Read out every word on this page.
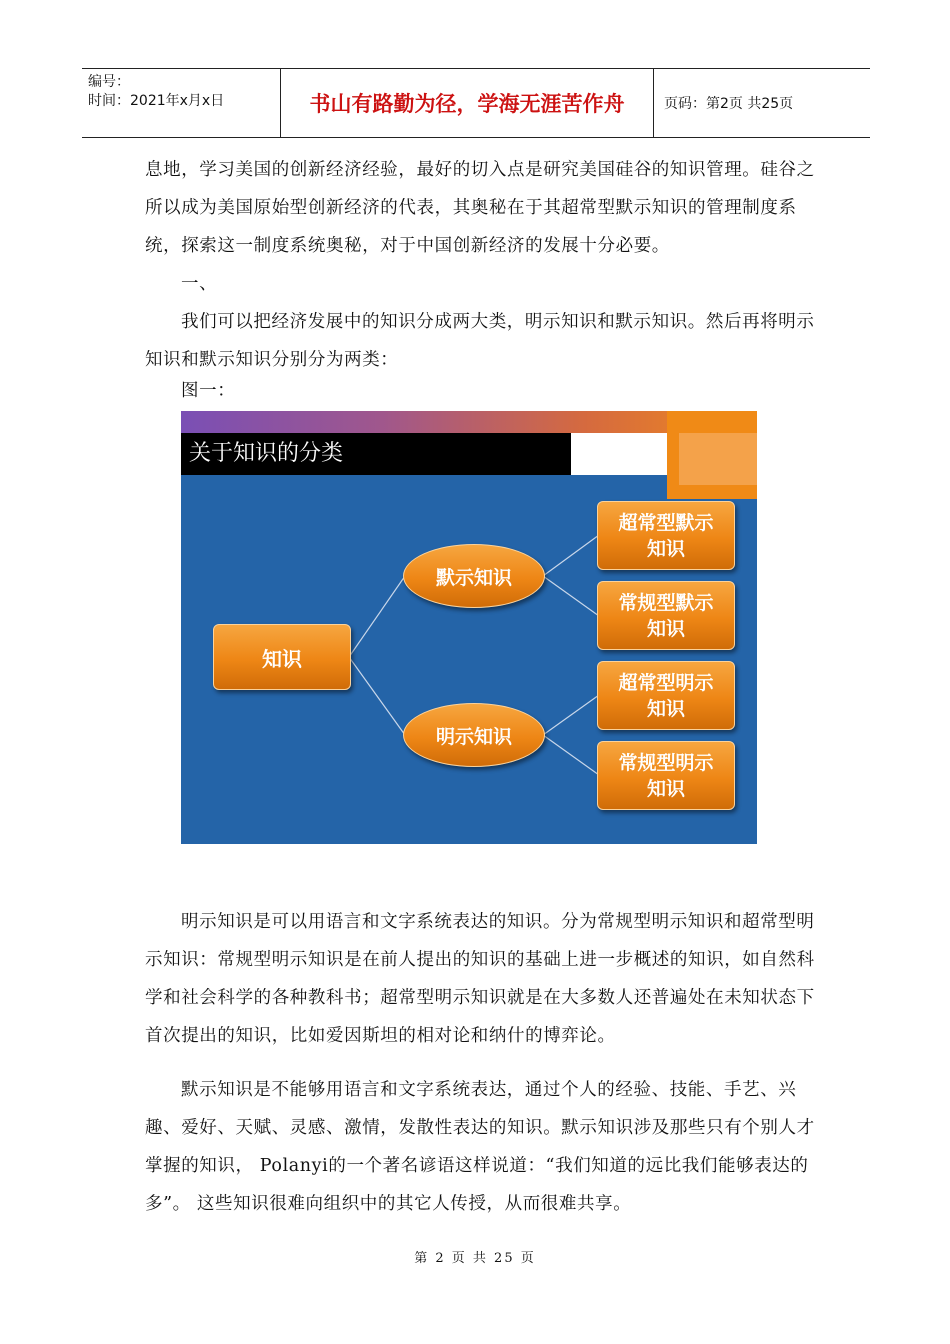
编号：
时间：2021年x月x日	书山有路勤为径，学海无涯苦作舟	页码：第2页 共25页

息地，学习美国的创新经济经验，最好的切入点是研究美国硅谷的知识管理。硅谷之所以成为美国原始型创新经济的代表，其奥秘在于其超常型默示知识的管理制度系统，探索这一制度系统奥秘，对于中国创新经济的发展十分必要。

一、

我们可以把经济发展中的知识分成两大类，明示知识和默示知识。然后再将明示知识和默示知识分别分为两类：

图一：

关于知识的分类
知识
默示知识
明示知识
超常型默示知识
常规型默示知识
超常型明示知识
常规型明示知识

明示知识是可以用语言和文字系统表达的知识。分为常规型明示知识和超常型明示知识：常规型明示知识是在前人提出的知识的基础上进一步概述的知识，如自然科学和社会科学的各种教科书；超常型明示知识就是在大多数人还普遍处在未知状态下首次提出的知识，比如爱因斯坦的相对论和纳什的博弈论。

默示知识是不能够用语言和文字系统表达，通过个人的经验、技能、手艺、兴趣、爱好、天赋、灵感、激情，发散性表达的知识。默示知识涉及那些只有个别人才掌握的知识， Polanyi的一个著名谚语这样说道：“我们知道的远比我们能够表达的多”。 这些知识很难向组织中的其它人传授，从而很难共享。

第 2 页 共 25 页
